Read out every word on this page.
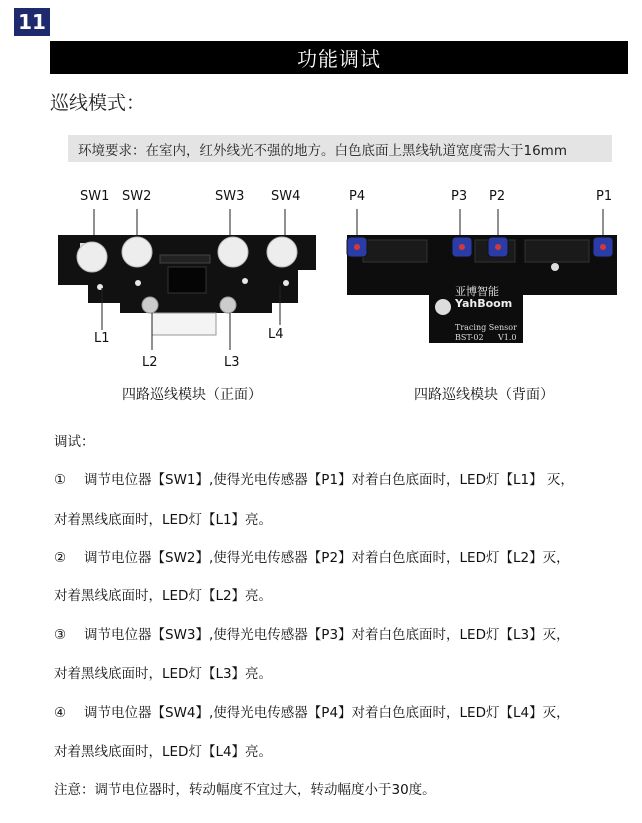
11
功能调试
巡线模式：
环境要求：在室内，红外线光不强的地方。白色底面上黑线轨道宽度需大于16mm
SW1 SW2	SW3 SW4
L1
L2	L3
L4
四路巡线模块（正面）
P4	P3 P2	P1
亚博智能
YahBoom
Tracing Sensor
BST-02 V1.0
四路巡线模块（背面）
调试：
① 调节电位器【SW1】,使得光电传感器【P1】对着白色底面时，LED灯【L1】 灭，
对着黑线底面时，LED灯【L1】亮。
② 调节电位器【SW2】,使得光电传感器【P2】对着白色底面时，LED灯【L2】灭，
对着黑线底面时，LED灯【L2】亮。
③ 调节电位器【SW3】,使得光电传感器【P3】对着白色底面时，LED灯【L3】灭，
对着黑线底面时，LED灯【L3】亮。
④ 调节电位器【SW4】,使得光电传感器【P4】对着白色底面时，LED灯【L4】灭，
对着黑线底面时，LED灯【L4】亮。
注意：调节电位器时，转动幅度不宜过大，转动幅度小于30度。
